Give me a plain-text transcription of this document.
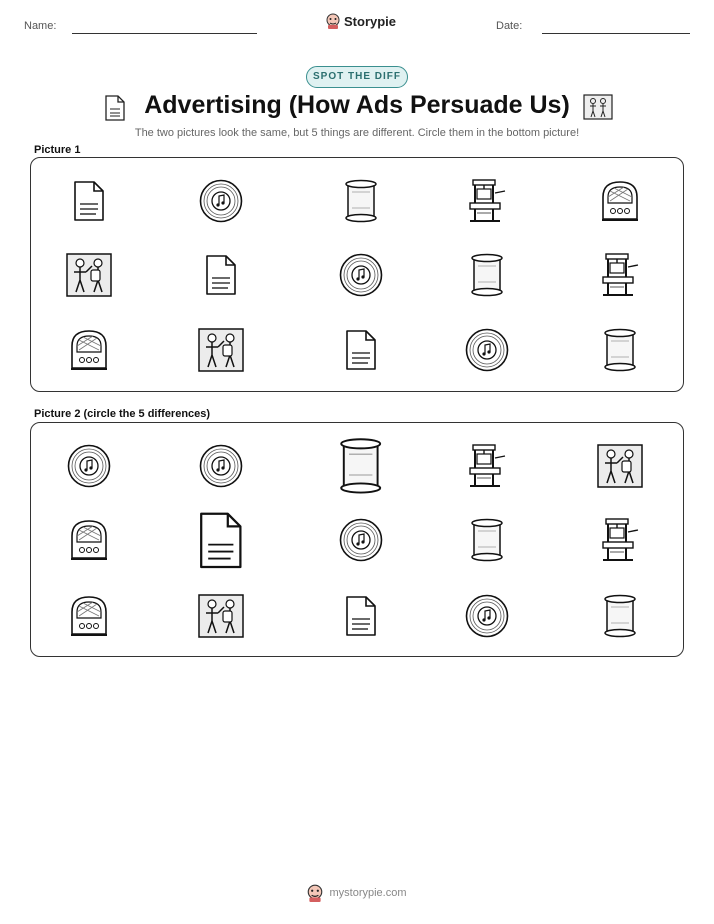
Name:	Storypie	Date:
SPOT THE DIFF
Advertising (How Ads Persuade Us)
The two pictures look the same, but 5 things are different. Circle them in the bottom picture!
Picture 1
Picture 2 (circle the 5 differences)
mystorypie.com
